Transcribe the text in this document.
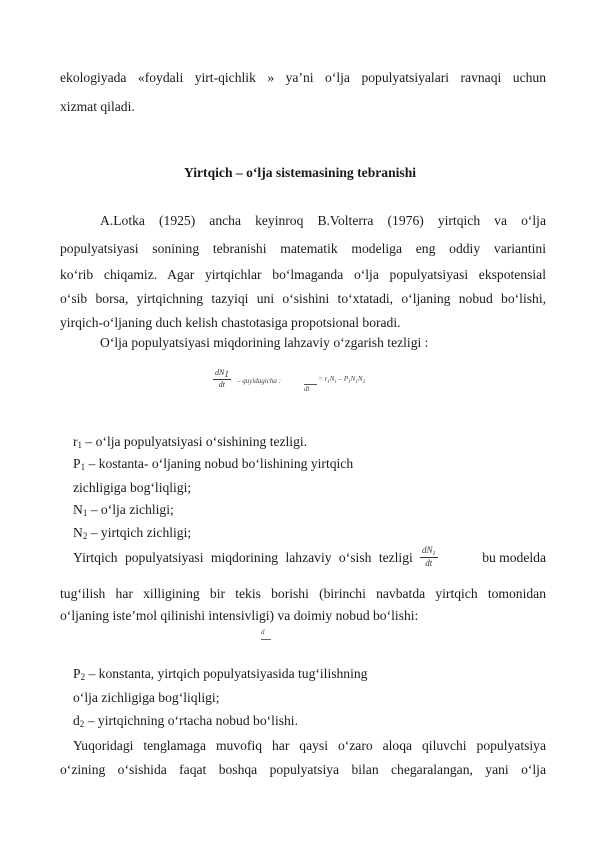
ekologiyada «foydali yirt-qichlik » ya’ni o‘lja populyatsiyalari ravnaqi uchun
xizmat qiladi.
Yirtqich – o‘lja sistemasining tebranishi
A.Lotka (1925) ancha keyinroq B.Volterra (1976) yirtqich va o‘lja
populyatsiyasi sonining tebranishi matematik modeliga eng oddiy variantini
ko‘rib chiqamiz. Agar yirtqichlar bo‘lmaganda o‘lja populyatsiyasi ekspotensial
o‘sib borsa, yirtqichning tazyiqi uni o‘sishini to‘xtatadi, o‘ljaning nobud bo‘lishi,
yirqich-o‘ljaning duch kelish chastotasiga propotsional boradi.
O‘lja populyatsiyasi miqdorining lahzaviy o‘zgarish tezligi :
$\frac{dN_1}{dt}$ – quyidagicha :
dt
= $r_1N_1 - P_1N_1N_2$
$r_1$ – o‘lja populyatsiyasi o‘sishining tezligi.
$P_1$ – kostanta- o‘ljaning nobud bo‘lishining yirtqich
zichligiga bog‘liqligi;
$N_1$ – o‘lja zichligi;
$N_2$ – yirtqich zichligi;
Yirtqich populyatsiyasi miqdorining lahzaviy o‘sish tezligi $\frac{dN_1}{dt}$	bu modelda
tug‘ilish har xilligining bir tekis borishi (birinchi navbatda yirtqich tomonidan
o‘ljaning iste’mol qilinishi intensivligi) va doimiy nobud bo‘lishi:
d
$P_2$ – konstanta, yirtqich populyatsiyasida tug‘ilishning
o‘lja zichligiga bog‘liqligi;
$d_2$ – yirtqichning o‘rtacha nobud bo‘lishi.
Yuqoridagi tenglamaga muvofiq har qaysi o‘zaro aloqa qiluvchi populyatsiya
o‘zining o‘sishida faqat boshqa populyatsiya bilan chegaralangan, yani o‘lja
